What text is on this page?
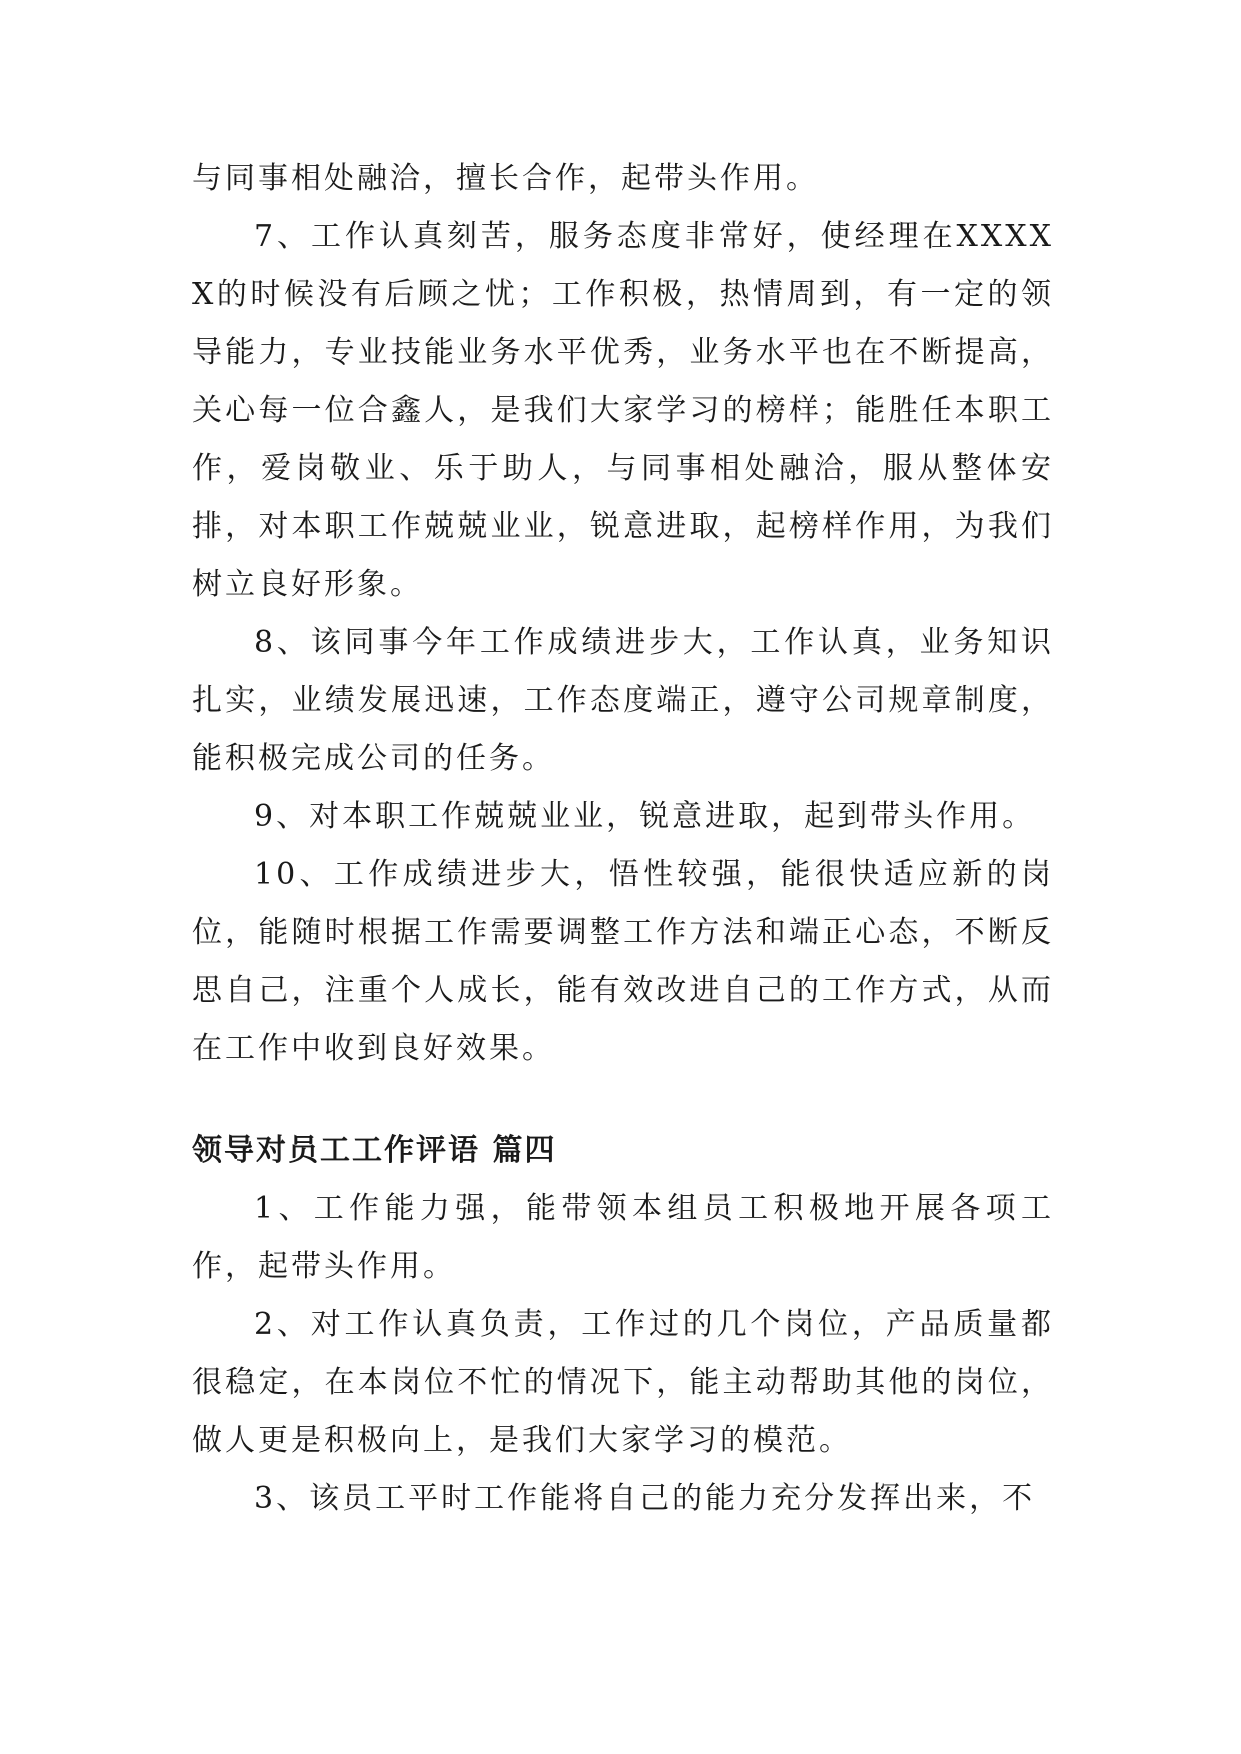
与同事相处融洽，擅长合作，起带头作用。

7、工作认真刻苦，服务态度非常好，使经理在XXXXX的时候没有后顾之忧；工作积极，热情周到，有一定的领导能力，专业技能业务水平优秀，业务水平也在不断提高，关心每一位合鑫人，是我们大家学习的榜样；能胜任本职工作，爱岗敬业、乐于助人，与同事相处融洽，服从整体安排，对本职工作兢兢业业，锐意进取，起榜样作用，为我们树立良好形象。

8、该同事今年工作成绩进步大，工作认真，业务知识扎实，业绩发展迅速，工作态度端正，遵守公司规章制度，能积极完成公司的任务。

9、对本职工作兢兢业业，锐意进取，起到带头作用。

10、工作成绩进步大，悟性较强，能很快适应新的岗位，能随时根据工作需要调整工作方法和端正心态，不断反思自己，注重个人成长，能有效改进自己的工作方式，从而在工作中收到良好效果。

领导对员工工作评语 篇四

1、工作能力强，能带领本组员工积极地开展各项工作，起带头作用。

2、对工作认真负责，工作过的几个岗位，产品质量都很稳定，在本岗位不忙的情况下，能主动帮助其他的岗位，做人更是积极向上，是我们大家学习的模范。

3、该员工平时工作能将自己的能力充分发挥出来，不
